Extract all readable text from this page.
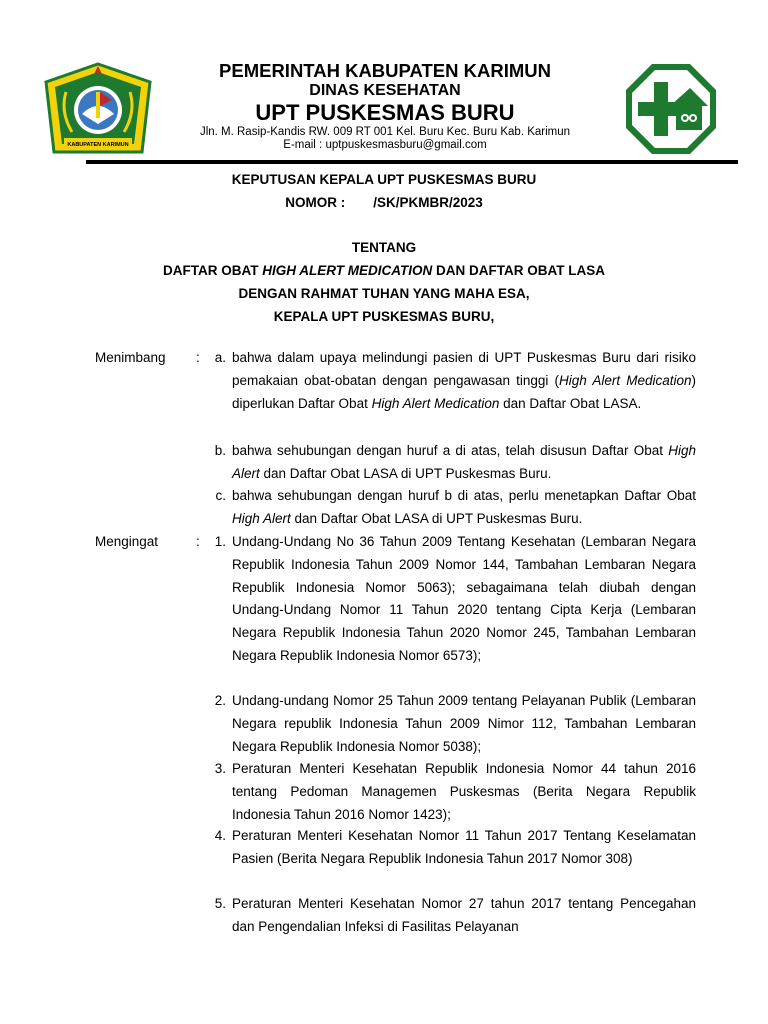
KABUPATEN KARIMUN
PEMERINTAH KABUPATEN KARIMUN
DINAS KESEHATAN
UPT PUSKESMAS BURU
Jln. M. Rasip-Kandis RW. 009 RT 001 Kel. Buru Kec. Buru Kab. Karimun
E-mail : uptpuskesmasburu@gmail.com
KEPUTUSAN KEPALA UPT PUSKESMAS BURU
NOMOR : /SK/PKMBR/2023
TENTANG
DAFTAR OBAT HIGH ALERT MEDICATION DAN DAFTAR OBAT LASA
DENGAN RAHMAT TUHAN YANG MAHA ESA,
KEPALA UPT PUSKESMAS BURU,
Menimbang :	a. bahwa dalam upaya melindungi pasien di UPT Puskesmas Buru dari risiko pemakaian obat-obatan dengan pengawasan tinggi (High Alert Medication) diperlukan Daftar Obat High Alert Medication dan Daftar Obat LASA.
b. bahwa sehubungan dengan huruf a di atas, telah disusun Daftar Obat High Alert dan Daftar Obat LASA di UPT Puskesmas Buru.
c. bahwa sehubungan dengan huruf b di atas, perlu menetapkan Daftar Obat High Alert dan Daftar Obat LASA di UPT Puskesmas Buru.
Mengingat	:	1. Undang-Undang No 36 Tahun 2009 Tentang Kesehatan (Lembaran Negara Republik Indonesia Tahun 2009 Nomor 144, Tambahan Lembaran Negara Republik Indonesia Nomor 5063); sebagaimana telah diubah dengan Undang-Undang Nomor 11 Tahun 2020 tentang Cipta Kerja (Lembaran Negara Republik Indonesia Tahun 2020 Nomor 245, Tambahan Lembaran Negara Republik Indonesia Nomor 6573);
2. Undang-undang Nomor 25 Tahun 2009 tentang Pelayanan Publik (Lembaran Negara republik Indonesia Tahun 2009 Nimor 112, Tambahan Lembaran Negara Republik Indonesia Nomor 5038);
3. Peraturan Menteri Kesehatan Republik Indonesia Nomor 44 tahun 2016 tentang Pedoman Managemen Puskesmas (Berita Negara Republik Indonesia Tahun 2016 Nomor 1423);
4. Peraturan Menteri Kesehatan Nomor 11 Tahun 2017 Tentang Keselamatan Pasien (Berita Negara Republik Indonesia Tahun 2017 Nomor 308)
5. Peraturan Menteri Kesehatan Nomor 27 tahun 2017 tentang Pencegahan dan Pengendalian Infeksi di Fasilitas Pelayanan
